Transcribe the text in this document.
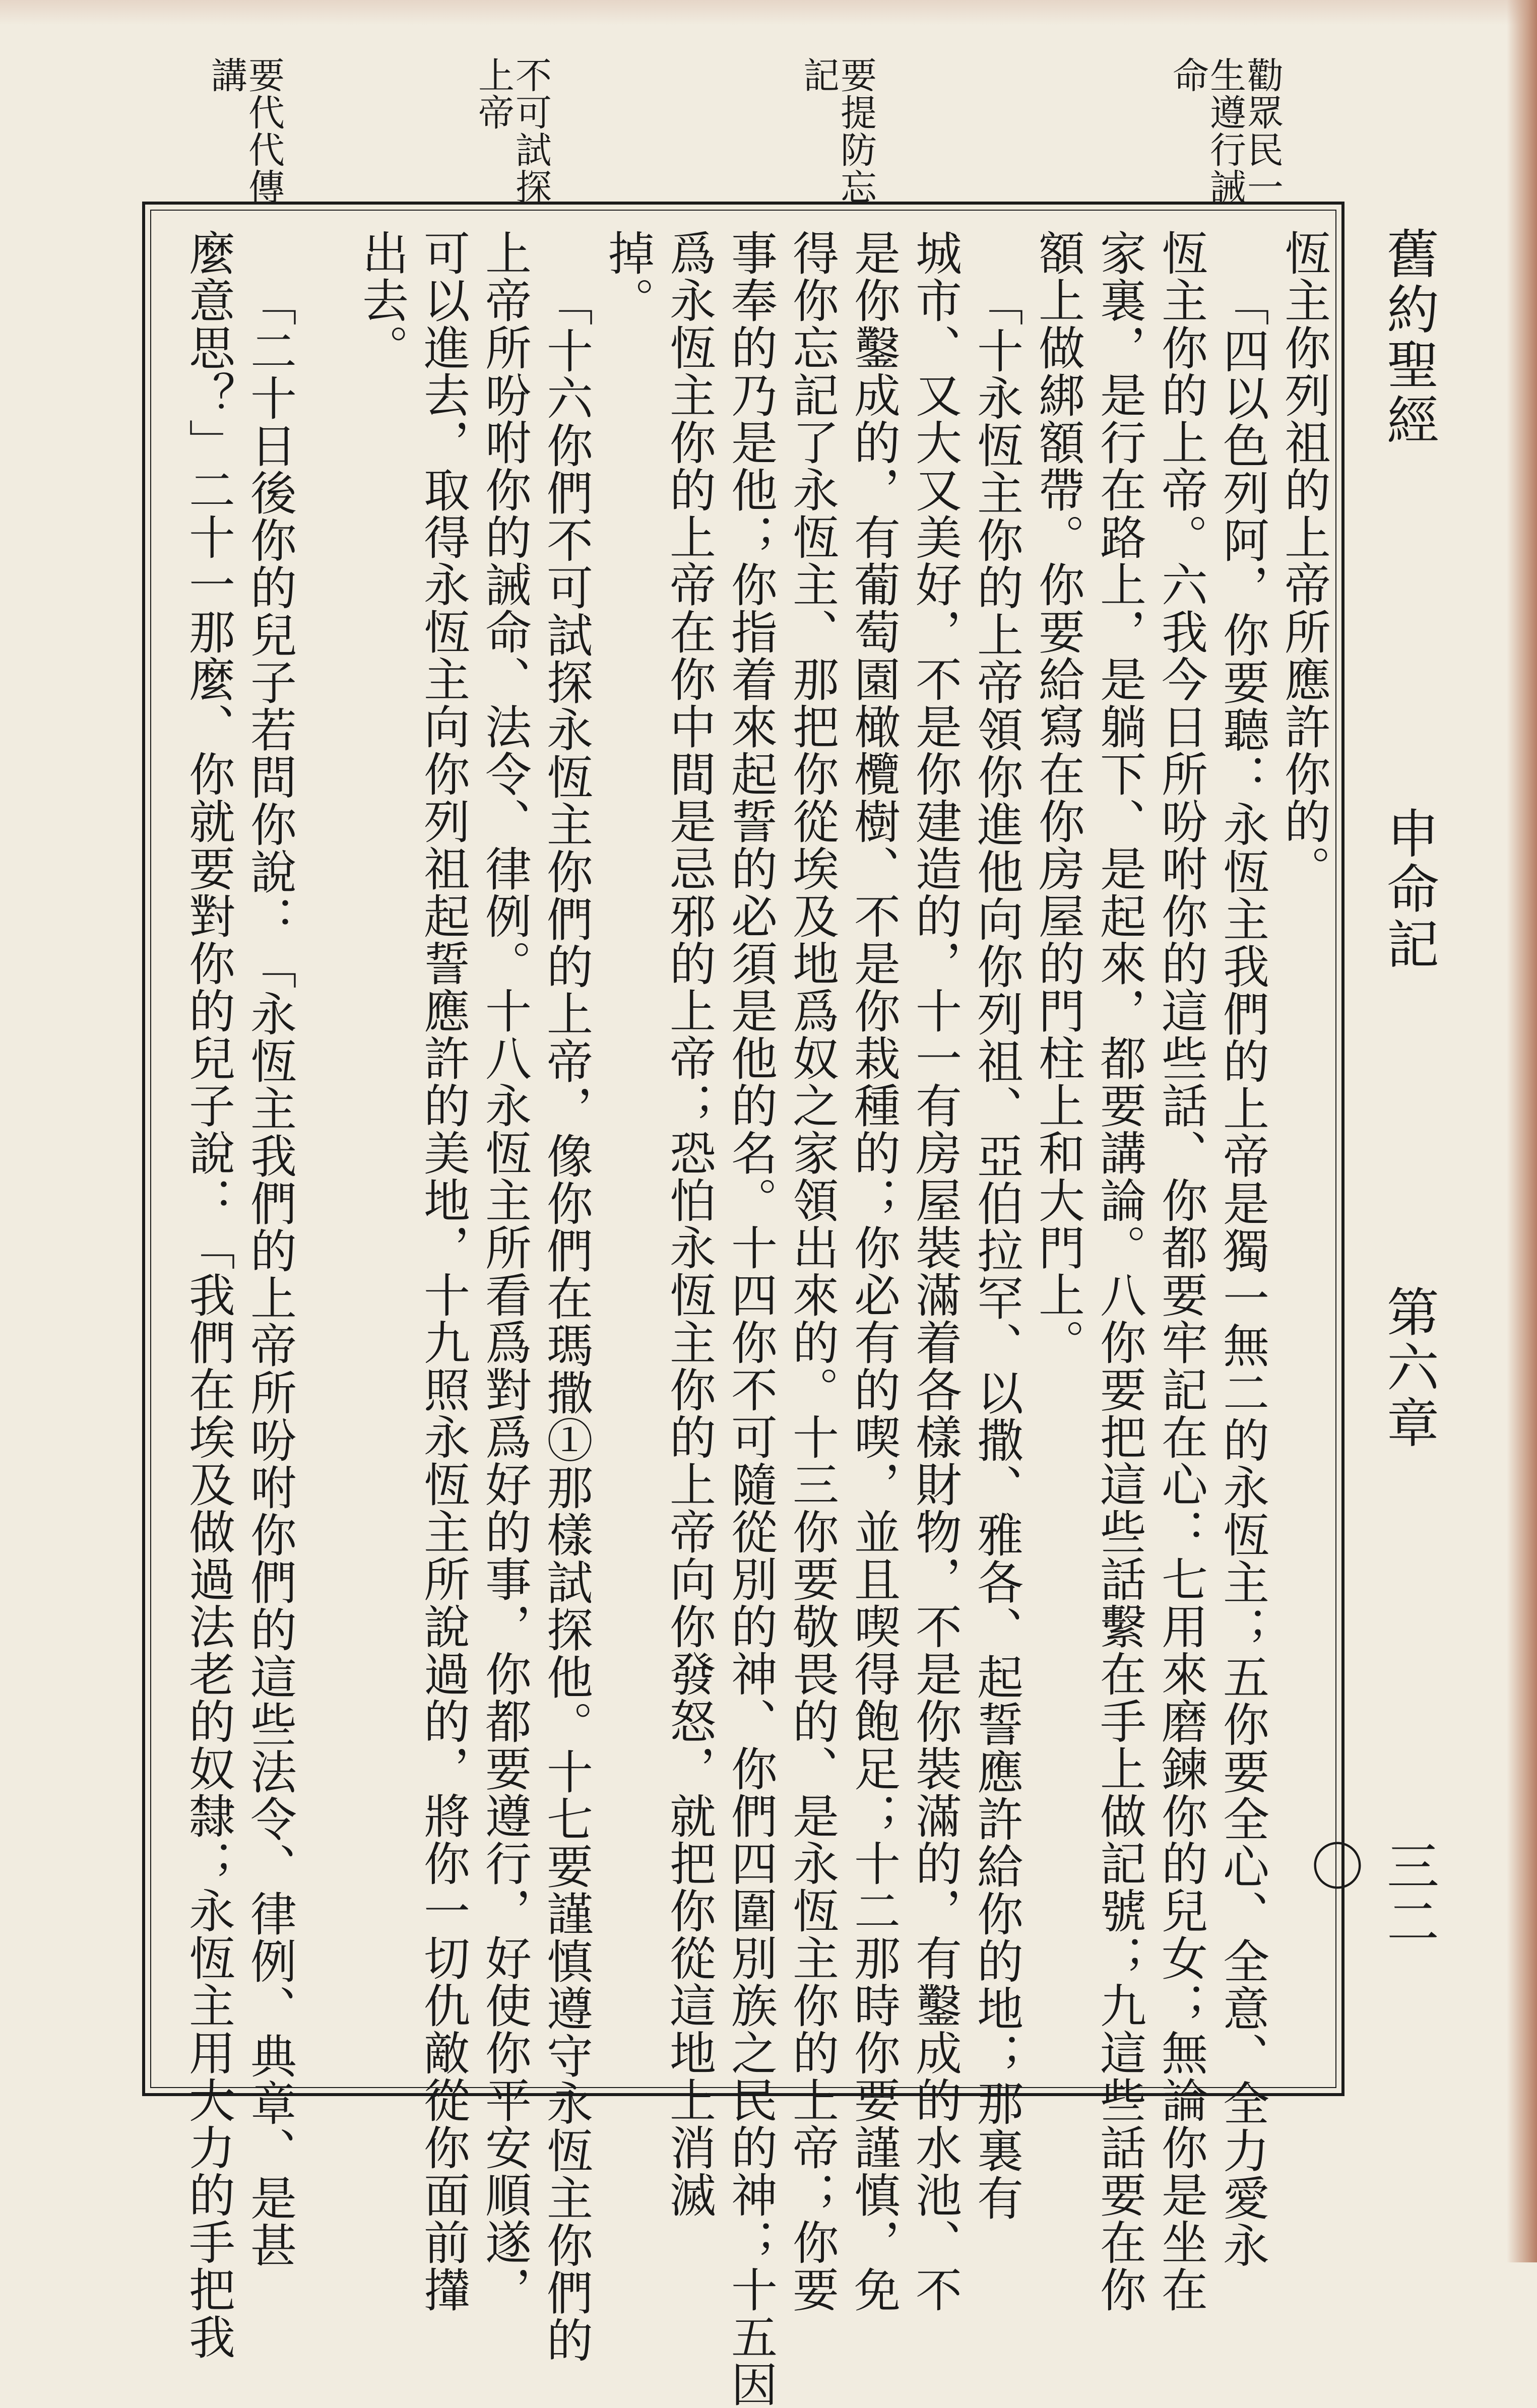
舊約聖經
申命記
第六章
三二〇
勸眾民一生遵行誡命
要提防忘記
不可試探上帝
要代代傳講
恆主你列祖的上帝所應許你的。
「四以色列阿，你要聽：永恆主我們的上帝是獨一無二的永恆主；五你要全心、全意、全力愛永
恆主你的上帝。六我今日所吩咐你的這些話、你都要牢記在心：七用來磨鍊你的兒女；無論你是坐在
家裏，是行在路上，是躺下、是起來，都要講論。八你要把這些話繫在手上做記號；九這些話要在你
額上做綁額帶。你要給寫在你房屋的門柱上和大門上。
「十永恆主你的上帝領你進他向你列祖、亞伯拉罕、以撒、雅各、起誓應許給你的地；那裏有
城市、又大又美好，不是你建造的，十一有房屋裝滿着各樣財物，不是你裝滿的，有鑿成的水池、不
是你鑿成的，有葡萄園橄欖樹、不是你栽種的；你必有的喫，並且喫得飽足；十二那時你要謹慎，免
得你忘記了永恆主、那把你從埃及地爲奴之家領出來的。十三你要敬畏的、是永恆主你的上帝；你要
事奉的乃是他；你指着來起誓的必須是他的名。十四你不可隨從別的神、你們四圍別族之民的神；十五因
爲永恆主你的上帝在你中間是忌邪的上帝；恐怕永恆主你的上帝向你發怒，就把你從這地上消滅
掉。
「十六你們不可試探永恆主你們的上帝，像你們在瑪撒①那樣試探他。十七要謹慎遵守永恆主你們的
上帝所吩咐你的誡命、法令、律例。十八永恆主所看爲對爲好的事，你都要遵行，好使你平安順遂，
可以進去，取得永恆主向你列祖起誓應許的美地，十九照永恆主所說過的，將你一切仇敵從你面前攆
出去。
「二十日後你的兒子若問你說：「永恆主我們的上帝所吩咐你們的這些法令、律例、典章、是甚
麼意思？」二十一那麼、你就要對你的兒子說：「我們在埃及做過法老的奴隸；永恆主用大力的手把我
